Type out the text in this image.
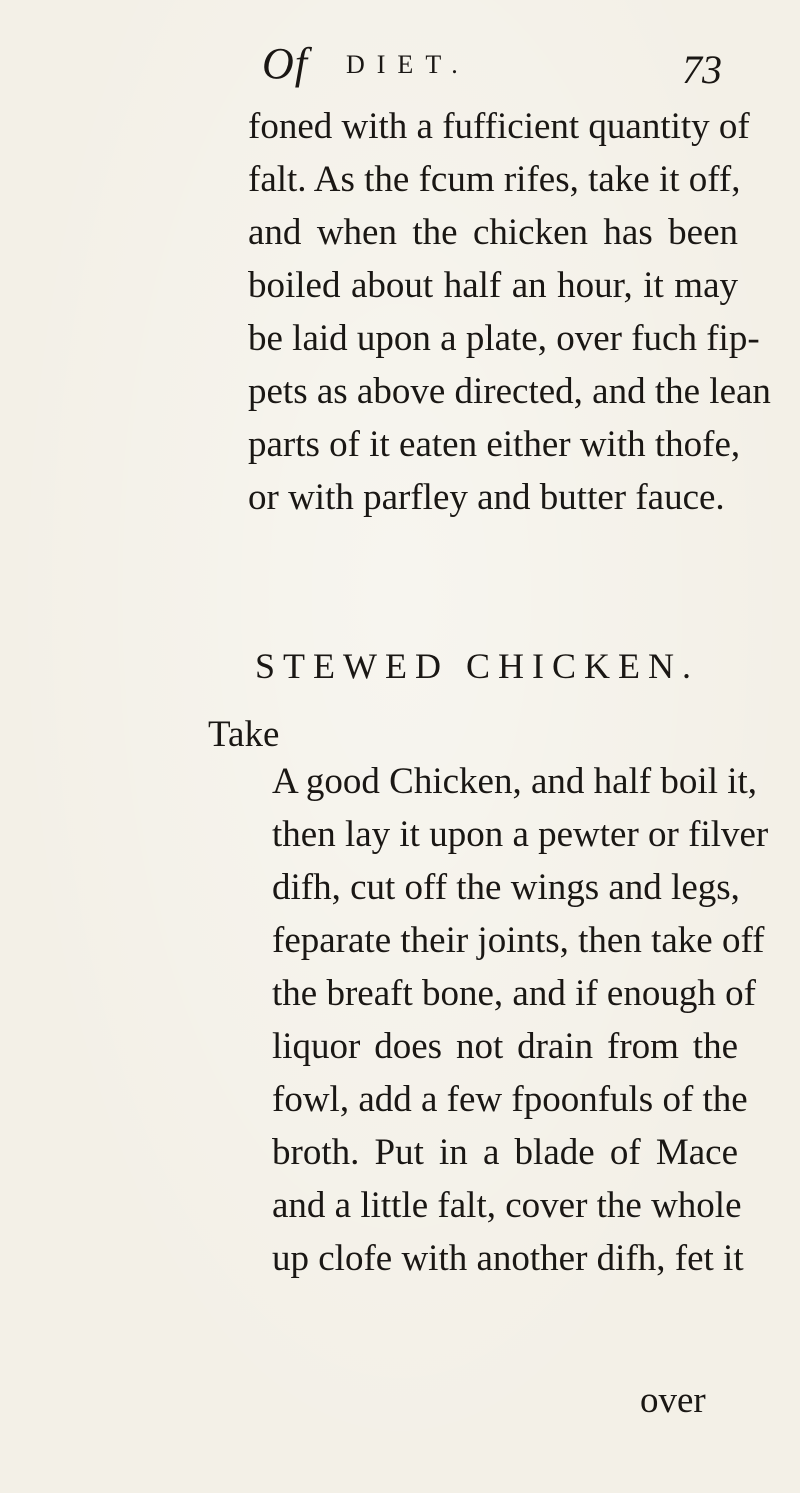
Of DIET.	73
foned with a fufficient quantity of
falt. As the fcum rifes, take it off,
and when the chicken has been
boiled about half an hour, it may
be laid upon a plate, over fuch fip-
pets as above directed, and the lean
parts of it eaten either with thofe,
or with parfley and butter fauce.
STEWED CHICKEN.
Take
A good Chicken, and half boil it,
then lay it upon a pewter or filver
difh, cut off the wings and legs,
feparate their joints, then take off
the breaft bone, and if enough of
liquor does not drain from the
fowl, add a few fpoonfuls of the
broth. Put in a blade of Mace
and a little falt, cover the whole
up clofe with another difh, fet it
over
